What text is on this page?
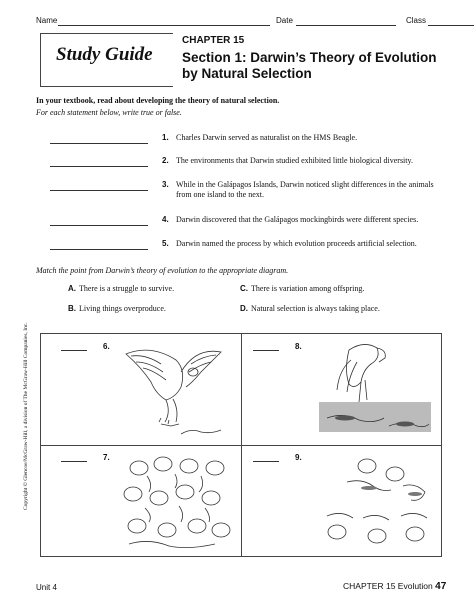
Name	Date	Class
Study Guide
CHAPTER 15
Section 1: Darwin’s Theory of Evolution by Natural Selection
In your textbook, read about developing the theory of natural selection.
For each statement below, write true or false.
1. Charles Darwin served as naturalist on the HMS Beagle.
2. The environments that Darwin studied exhibited little biological diversity.
3. While in the Galápagos Islands, Darwin noticed slight differences in the animals from one island to the next.
4. Darwin discovered that the Galápagos mockingbirds were different species.
5. Darwin named the process by which evolution proceeds artificial selection.
Match the point from Darwin’s theory of evolution to the appropriate diagram.
A. There is a struggle to survive.	C. There is variation among offspring.
B. Living things overproduce.	D. Natural selection is always taking place.
6.	8.
7.	9.
Copyright © Glencoe/McGraw-Hill, a division of The McGraw-Hill Companies, Inc.
Unit 4	CHAPTER 15 Evolution 47
